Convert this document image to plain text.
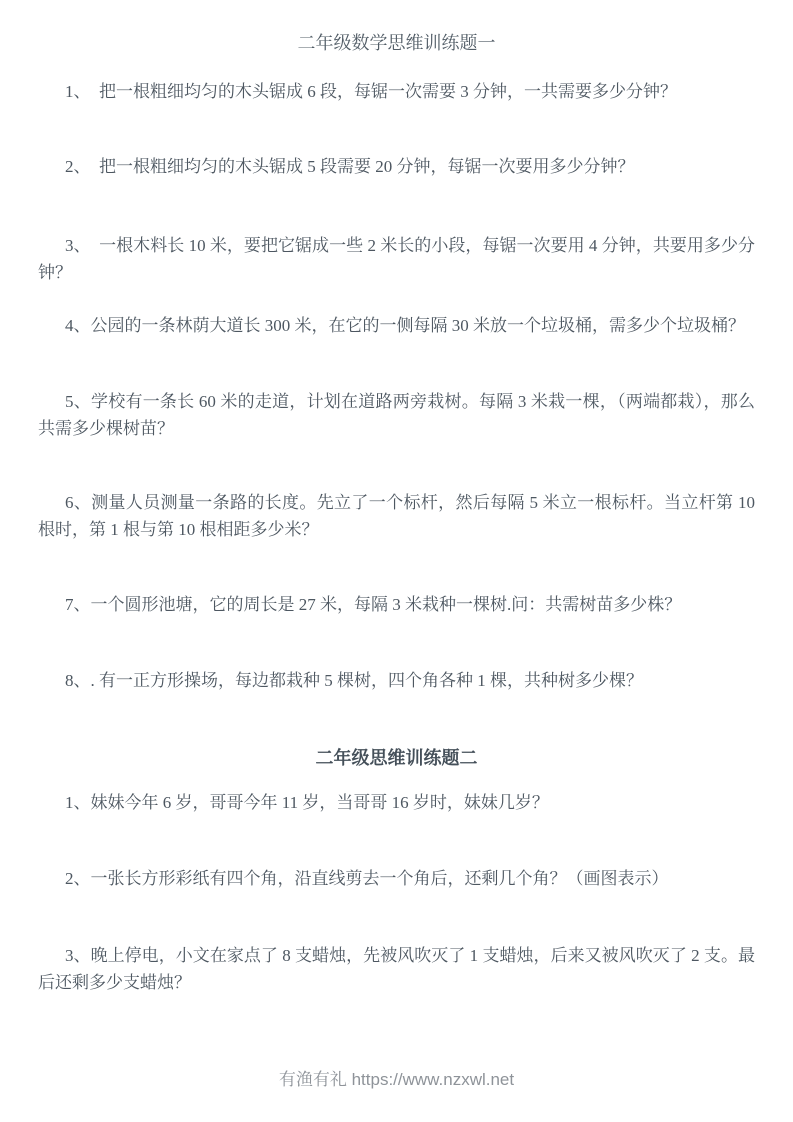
二年级数学思维训练题一

1、　把一根粗细均匀的木头锯成 6 段，每锯一次需要 3 分钟，一共需要多少分钟？

2、　把一根粗细均匀的木头锯成 5 段需要 20 分钟，每锯一次要用多少分钟？

3、　一根木料长 10 米，要把它锯成一些 2 米长的小段，每锯一次要用 4 分钟，共要用多少分钟？

4、公园的一条林荫大道长 300 米，在它的一侧每隔 30 米放一个垃圾桶，需多少个垃圾桶？

5、学校有一条长 60 米的走道，计划在道路两旁栽树。每隔 3 米栽一棵，（两端都栽），那么共需多少棵树苗？

6、测量人员测量一条路的长度。先立了一个标杆，然后每隔 5 米立一根标杆。当立杆第 10 根时，第 1 根与第 10 根相距多少米？

7、一个圆形池塘，它的周长是 27 米，每隔 3 米栽种一棵树.问：共需树苗多少株？

8、. 有一正方形操场，每边都栽种 5 棵树，四个角各种 1 棵，共种树多少棵？

二年级思维训练题二

1、妹妹今年 6 岁，哥哥今年 11 岁，当哥哥 16 岁时，妹妹几岁？

2、一张长方形彩纸有四个角，沿直线剪去一个角后，还剩几个角？（画图表示）

3、晚上停电，小文在家点了 8 支蜡烛，先被风吹灭了 1 支蜡烛，后来又被风吹灭了 2 支。最后还剩多少支蜡烛？

有渔有礼 https://www.nzxwl.net
